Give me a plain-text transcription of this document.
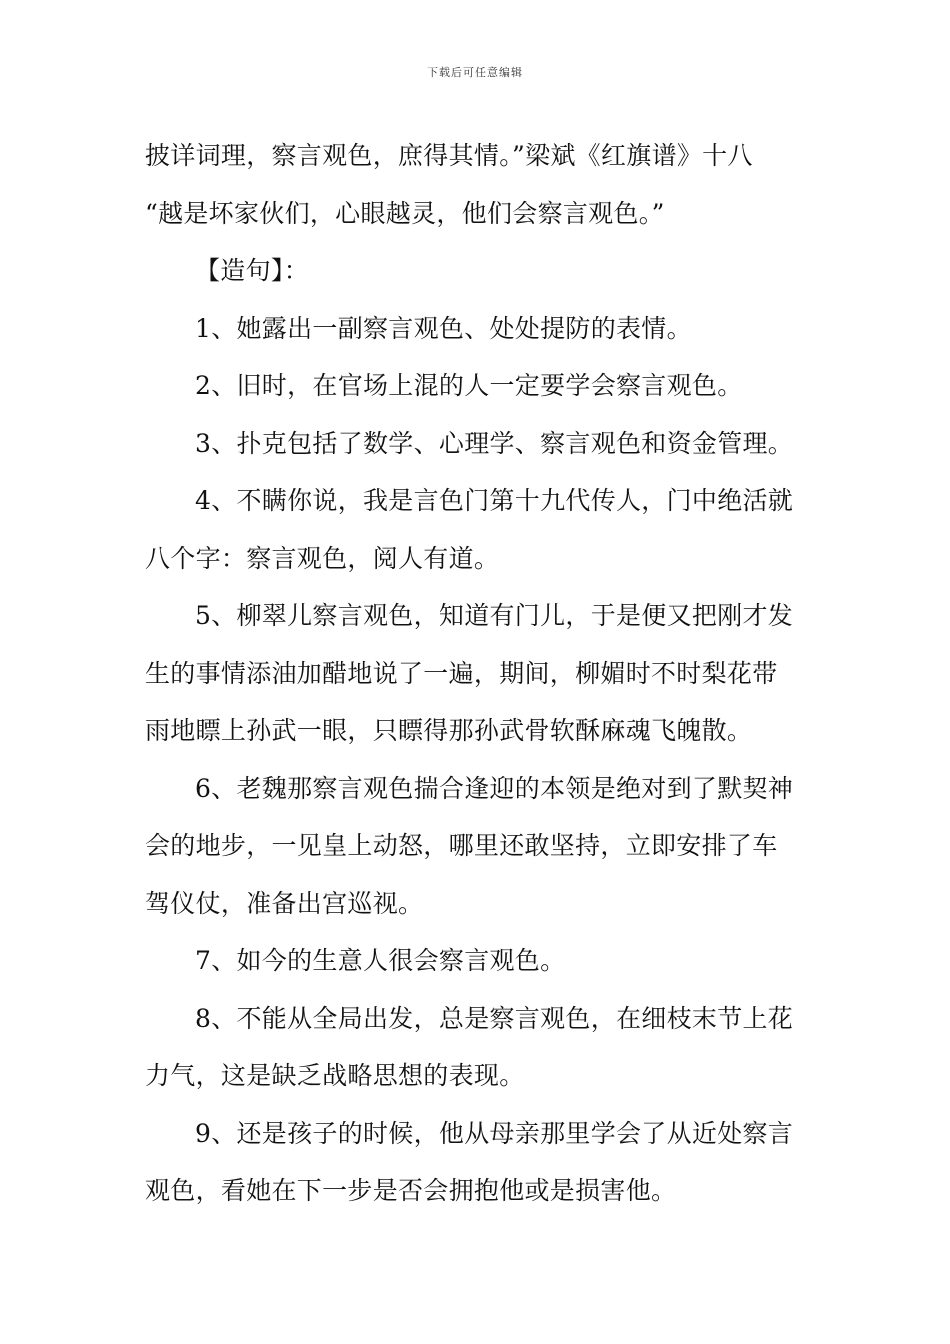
下载后可任意编辑
披详词理，察言观色，庶得其情。”梁斌《红旗谱》十八
“越是坏家伙们，心眼越灵，他们会察言观色。”
【造句】：
1、她露出一副察言观色、处处提防的表情。
2、旧时，在官场上混的人一定要学会察言观色。
3、扑克包括了数学、心理学、察言观色和资金管理。
4、不瞒你说，我是言色门第十九代传人，门中绝活就
八个字：察言观色，阅人有道。
5、柳翠儿察言观色，知道有门儿，于是便又把刚才发
生的事情添油加醋地说了一遍，期间，柳媚时不时梨花带
雨地瞟上孙武一眼，只瞟得那孙武骨软酥麻魂飞魄散。
6、老魏那察言观色揣合逢迎的本领是绝对到了默契神
会的地步，一见皇上动怒，哪里还敢坚持，立即安排了车
驾仪仗，准备出宫巡视。
7、如今的生意人很会察言观色。
8、不能从全局出发，总是察言观色，在细枝末节上花
力气，这是缺乏战略思想的表现。
9、还是孩子的时候，他从母亲那里学会了从近处察言
观色，看她在下一步是否会拥抱他或是损害他。
